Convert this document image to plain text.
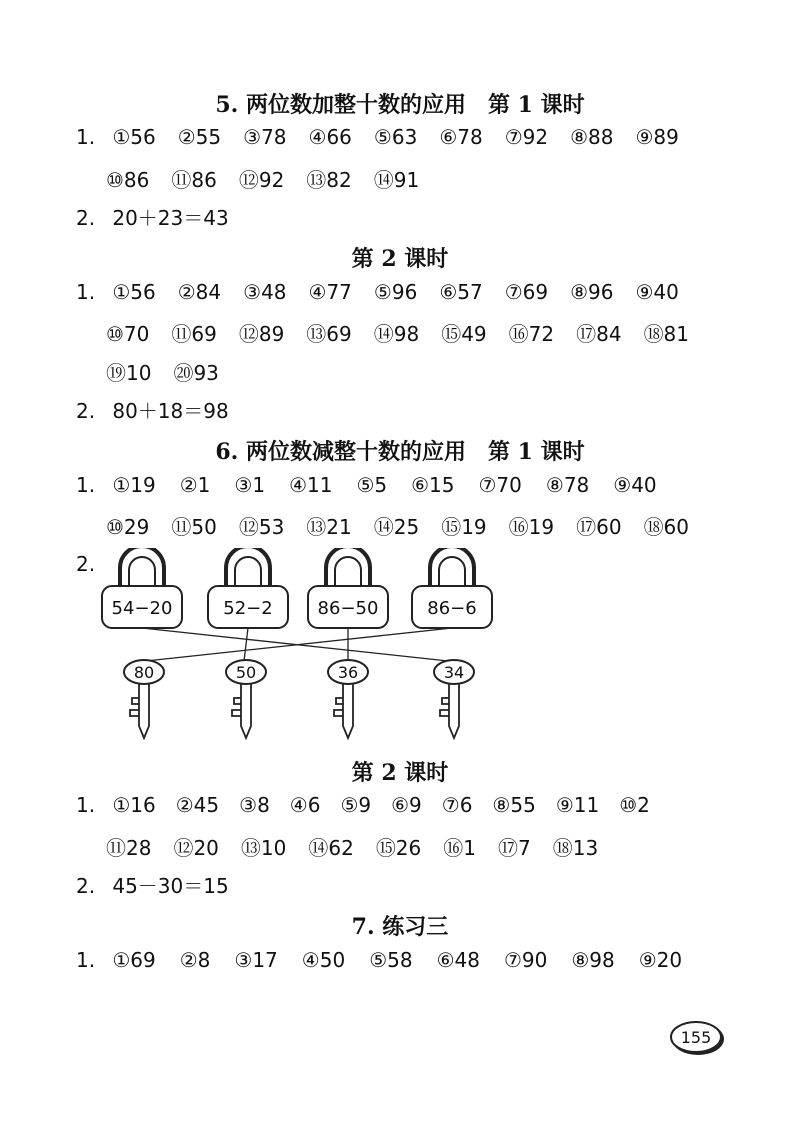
5. 两位数加整十数的应用　第 1 课时
1. ①56 ②55 ③78 ④66 ⑤63 ⑥78 ⑦92 ⑧88 ⑨89
⑩86 ⑪86 ⑫92 ⑬82 ⑭91
2. 20＋23＝43
第 2 课时
1. ①56 ②84 ③48 ④77 ⑤96 ⑥57 ⑦69 ⑧96 ⑨40
⑩70 ⑪69 ⑫89 ⑬69 ⑭98 ⑮49 ⑯72 ⑰84 ⑱81
⑲10 ⑳93
2. 80＋18＝98
6. 两位数减整十数的应用　第 1 课时
1. ①19 ②1 ③1 ④11 ⑤5 ⑥15 ⑦70 ⑧78 ⑨40
⑩29 ⑪50 ⑫53 ⑬21 ⑭25 ⑮19 ⑯19 ⑰60 ⑱60
2.
54−20	52−2 86−50	86−6
80	50	36	34
第 2 课时
1. ①16 ②45 ③8 ④6 ⑤9 ⑥9 ⑦6 ⑧55 ⑨11 ⑩2
⑪28 ⑫20 ⑬10 ⑭62 ⑮26 ⑯1 ⑰7 ⑱13
2. 45－30＝15
7. 练习三
1. ①69 ②8 ③17 ④50 ⑤58 ⑥48 ⑦90 ⑧98 ⑨20
155
